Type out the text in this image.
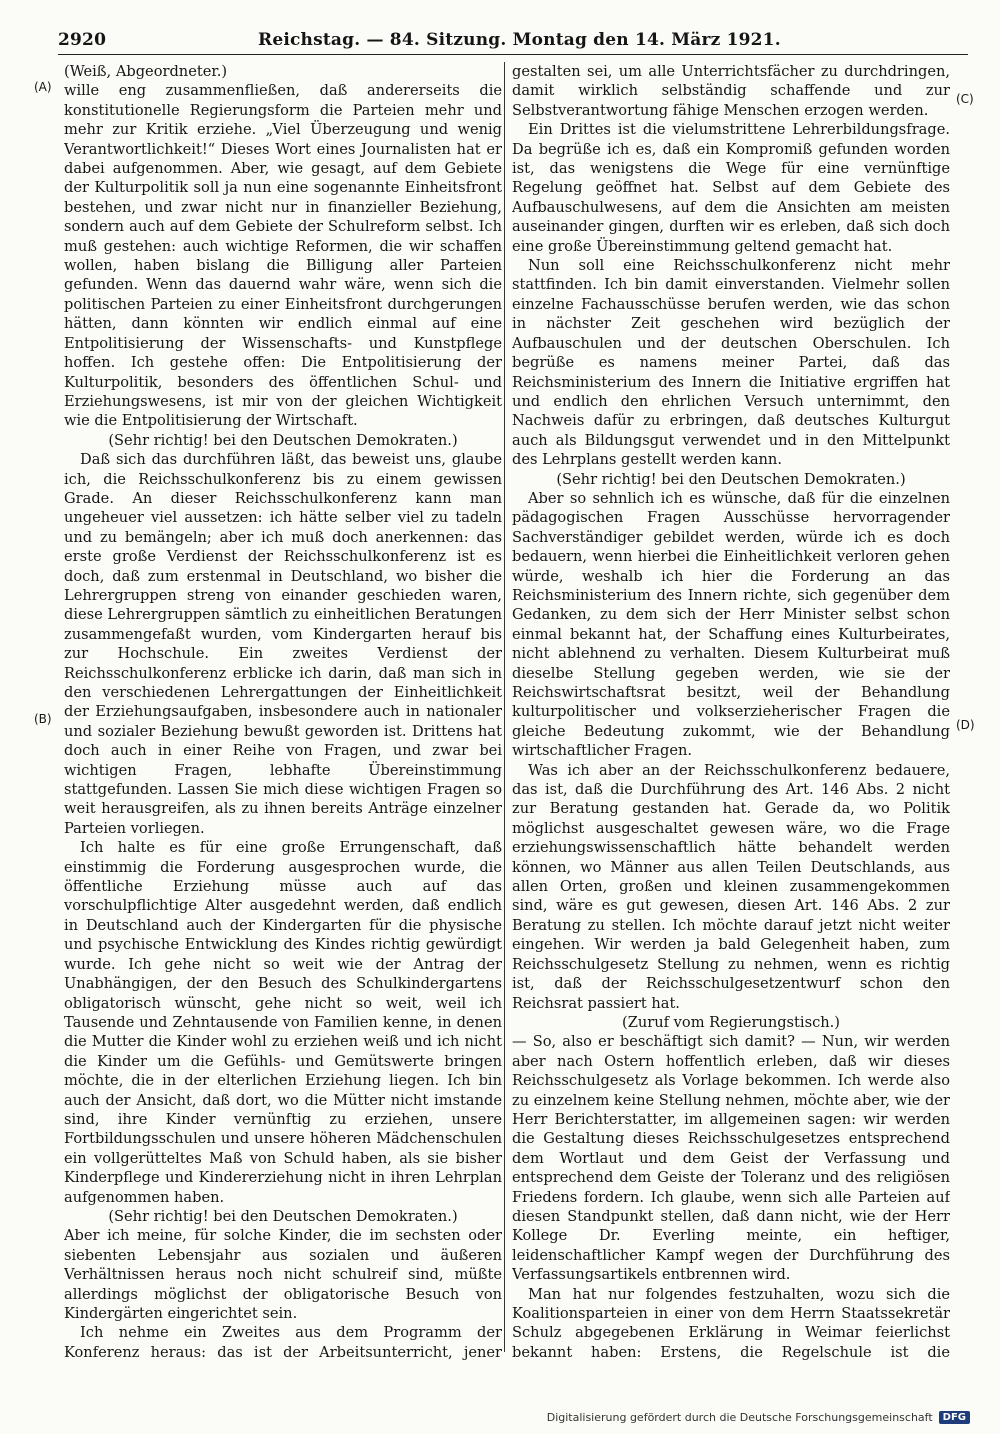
2920	Reichstag. — 84. Sitzung. Montag den 14. März 1921.
(A)
(B)
(C)
(D)

(Weiß, Abgeordneter.)

wille eng zusammenfließen, daß andererseits die konstitutionelle Regierungsform die Parteien mehr und mehr zur Kritik erziehe. „Viel Überzeugung und wenig Verantwortlichkeit!“ Dieses Wort eines Journalisten hat er dabei aufgenommen. Aber, wie gesagt, auf dem Gebiete der Kulturpolitik soll ja nun eine sogenannte Einheitsfront bestehen, und zwar nicht nur in finanzieller Beziehung, sondern auch auf dem Gebiete der Schulreform selbst. Ich muß gestehen: auch wichtige Reformen, die wir schaffen wollen, haben bislang die Billigung aller Parteien gefunden. Wenn das dauernd wahr wäre, wenn sich die politischen Parteien zu einer Einheitsfront durchgerungen hätten, dann könnten wir endlich einmal auf eine Entpolitisierung der Wissenschafts- und Kunstpflege hoffen. Ich gestehe offen: Die Entpolitisierung der Kulturpolitik, besonders des öffentlichen Schul- und Erziehungswesens, ist mir von der gleichen Wichtigkeit wie die Entpolitisierung der Wirtschaft.

(Sehr richtig! bei den Deutschen Demokraten.)

Daß sich das durchführen läßt, das beweist uns, glaube ich, die Reichsschulkonferenz bis zu einem gewissen Grade. An dieser Reichsschulkonferenz kann man ungeheuer viel aussetzen: ich hätte selber viel zu tadeln und zu bemängeln; aber ich muß doch anerkennen: das erste große Verdienst der Reichsschulkonferenz ist es doch, daß zum erstenmal in Deutschland, wo bisher die Lehrergruppen streng von einander geschieden waren, diese Lehrergruppen sämtlich zu einheitlichen Beratungen zusammengefaßt wurden, vom Kindergarten herauf bis zur Hochschule. Ein zweites Verdienst der Reichsschulkonferenz erblicke ich darin, daß man sich in den verschiedenen Lehrergattungen der Einheitlichkeit der Erziehungsaufgaben, insbesondere auch in nationaler und sozialer Beziehung bewußt geworden ist. Drittens hat doch auch in einer Reihe von Fragen, und zwar bei wichtigen Fragen, lebhafte Übereinstimmung stattgefunden. Lassen Sie mich diese wichtigen Fragen so weit herausgreifen, als zu ihnen bereits Anträge einzelner Parteien vorliegen.

Ich halte es für eine große Errungenschaft, daß einstimmig die Forderung ausgesprochen wurde, die öffentliche Erziehung müsse auch auf das vorschulpflichtige Alter ausgedehnt werden, daß endlich in Deutschland auch der Kindergarten für die physische und psychische Entwicklung des Kindes richtig gewürdigt wurde. Ich gehe nicht so weit wie der Antrag der Unabhängigen, der den Besuch des Schulkindergartens obligatorisch wünscht, gehe nicht so weit, weil ich Tausende und Zehntausende von Familien kenne, in denen die Mutter die Kinder wohl zu erziehen weiß und ich nicht die Kinder um die Gefühls- und Gemütswerte bringen möchte, die in der elterlichen Erziehung liegen. Ich bin auch der Ansicht, daß dort, wo die Mütter nicht imstande sind, ihre Kinder vernünftig zu erziehen, unsere Fortbildungsschulen und unsere höheren Mädchenschulen ein vollgerütteltes Maß von Schuld haben, als sie bisher Kinderpflege und Kindererziehung nicht in ihren Lehrplan aufgenommen haben.

(Sehr richtig! bei den Deutschen Demokraten.)

Aber ich meine, für solche Kinder, die im sechsten oder siebenten Lebensjahr aus sozialen und äußeren Verhältnissen heraus noch nicht schulreif sind, müßte allerdings möglichst der obligatorische Besuch von Kindergärten eingerichtet sein.

Ich nehme ein Zweites aus dem Programm der Konferenz heraus: das ist der Arbeitsunterricht, jener

gestalten sei, um alle Unterrichtsfächer zu durchdringen, damit wirklich selbständig schaffende und zur Selbstverantwortung fähige Menschen erzogen werden.

Ein Drittes ist die vielumstrittene Lehrerbildungsfrage. Da begrüße ich es, daß ein Kompromiß gefunden worden ist, das wenigstens die Wege für eine vernünftige Regelung geöffnet hat. Selbst auf dem Gebiete des Aufbauschulwesens, auf dem die Ansichten am meisten auseinander gingen, durften wir es erleben, daß sich doch eine große Übereinstimmung geltend gemacht hat.

Nun soll eine Reichsschulkonferenz nicht mehr stattfinden. Ich bin damit einverstanden. Vielmehr sollen einzelne Fachausschüsse berufen werden, wie das schon in nächster Zeit geschehen wird bezüglich der Aufbauschulen und der deutschen Oberschulen. Ich begrüße es namens meiner Partei, daß das Reichsministerium des Innern die Initiative ergriffen hat und endlich den ehrlichen Versuch unternimmt, den Nachweis dafür zu erbringen, daß deutsches Kulturgut auch als Bildungsgut verwendet und in den Mittelpunkt des Lehrplans gestellt werden kann.

(Sehr richtig! bei den Deutschen Demokraten.)

Aber so sehnlich ich es wünsche, daß für die einzelnen pädagogischen Fragen Ausschüsse hervorragender Sachverständiger gebildet werden, würde ich es doch bedauern, wenn hierbei die Einheitlichkeit verloren gehen würde, weshalb ich hier die Forderung an das Reichsministerium des Innern richte, sich gegenüber dem Gedanken, zu dem sich der Herr Minister selbst schon einmal bekannt hat, der Schaffung eines Kulturbeirates, nicht ablehnend zu verhalten. Diesem Kulturbeirat muß dieselbe Stellung gegeben werden, wie sie der Reichswirtschaftsrat besitzt, weil der Behandlung kulturpolitischer und volkserzieherischer Fragen die gleiche Bedeutung zukommt, wie der Behandlung wirtschaftlicher Fragen.

Was ich aber an der Reichsschulkonferenz bedauere, das ist, daß die Durchführung des Art. 146 Abs. 2 nicht zur Beratung gestanden hat. Gerade da, wo Politik möglichst ausgeschaltet gewesen wäre, wo die Frage erziehungswissenschaftlich hätte behandelt werden können, wo Männer aus allen Teilen Deutschlands, aus allen Orten, großen und kleinen zusammengekommen sind, wäre es gut gewesen, diesen Art. 146 Abs. 2 zur Beratung zu stellen. Ich möchte darauf jetzt nicht weiter eingehen. Wir werden ja bald Gelegenheit haben, zum Reichsschulgesetz Stellung zu nehmen, wenn es richtig ist, daß der Reichsschulgesetzentwurf schon den Reichsrat passiert hat.

(Zuruf vom Regierungstisch.)

— So, also er beschäftigt sich damit? — Nun, wir werden aber nach Ostern hoffentlich erleben, daß wir dieses Reichsschulgesetz als Vorlage bekommen. Ich werde also zu einzelnem keine Stellung nehmen, möchte aber, wie der Herr Berichterstatter, im allgemeinen sagen: wir werden die Gestaltung dieses Reichsschulgesetzes entsprechend dem Wortlaut und dem Geist der Verfassung und entsprechend dem Geiste der Toleranz und des religiösen Friedens fordern. Ich glaube, wenn sich alle Parteien auf diesen Standpunkt stellen, daß dann nicht, wie der Herr Kollege Dr. Everling meinte, ein heftiger, leidenschaftlicher Kampf wegen der Durchführung des Verfassungsartikels entbrennen wird.

Man hat nur folgendes festzuhalten, wozu sich die Koalitionsparteien in einer von dem Herrn Staatssekretär Schulz abgegebenen Erklärung in Weimar feierlichst bekannt haben: Erstens, die Regelschule ist die

Digitalisierung gefördert durch die Deutsche Forschungsgemeinschaft	DFG
